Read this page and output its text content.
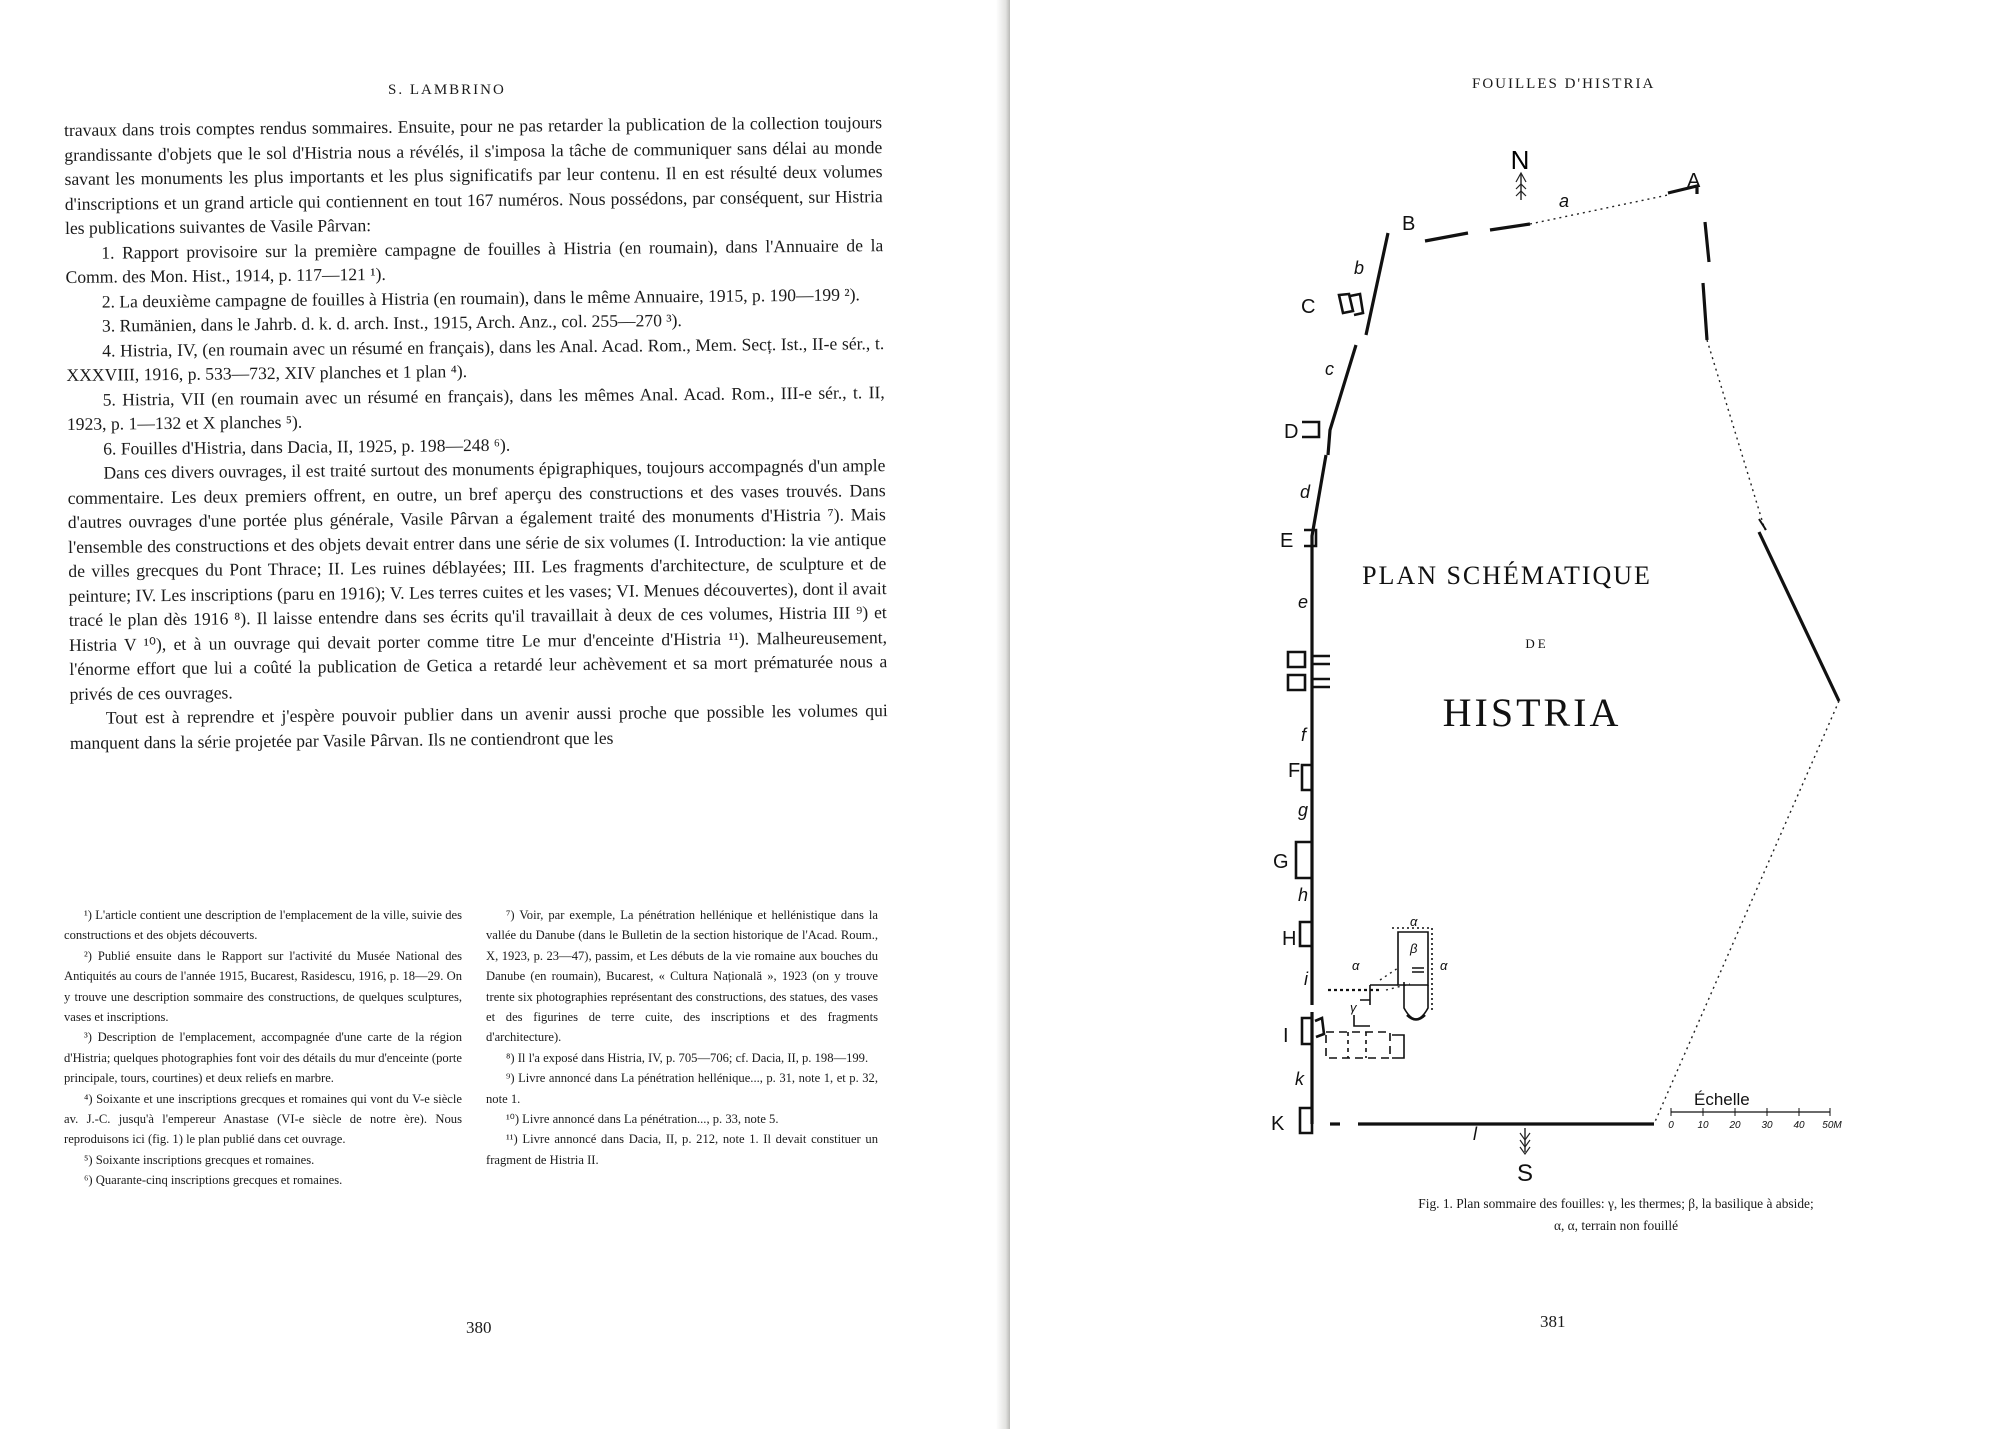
S. LAMBRINO

travaux dans trois comptes rendus sommaires. Ensuite, pour ne pas retarder la publication de la collection toujours grandissante d'objets que le sol d'Histria nous a révélés, il s'imposa la tâche de communiquer sans délai au monde savant les monuments les plus importants et les plus significatifs par leur contenu. Il en est résulté deux volumes d'inscriptions et un grand article qui contiennent en tout 167 numéros. Nous possédons, par conséquent, sur Histria les publications suivantes de Vasile Pârvan:

1. Rapport provisoire sur la première campagne de fouilles à Histria (en roumain), dans l'Annuaire de la Comm. des Mon. Hist., 1914, p. 117—121 ¹).

2. La deuxième campagne de fouilles à Histria (en roumain), dans le même Annuaire, 1915, p. 190—199 ²).

3. Rumänien, dans le Jahrb. d. k. d. arch. Inst., 1915, Arch. Anz., col. 255—270 ³).

4. Histria, IV, (en roumain avec un résumé en français), dans les Anal. Acad. Rom., Mem. Secț. Ist., II-e sér., t. XXXVIII, 1916, p. 533—732, XIV planches et 1 plan ⁴).

5. Histria, VII (en roumain avec un résumé en français), dans les mêmes Anal. Acad. Rom., III-e sér., t. II, 1923, p. 1—132 et X planches ⁵).

6. Fouilles d'Histria, dans Dacia, II, 1925, p. 198—248 ⁶).

Dans ces divers ouvrages, il est traité surtout des monuments épigraphiques, toujours accompagnés d'un ample commentaire. Les deux premiers offrent, en outre, un bref aperçu des constructions et des vases trouvés. Dans d'autres ouvrages d'une portée plus générale, Vasile Pârvan a également traité des monuments d'Histria ⁷). Mais l'ensemble des constructions et des objets devait entrer dans une série de six volumes (I. Introduction: la vie antique de villes grecques du Pont Thrace; II. Les ruines déblayées; III. Les fragments d'architecture, de sculpture et de peinture; IV. Les inscriptions (paru en 1916); V. Les terres cuites et les vases; VI. Menues découvertes), dont il avait tracé le plan dès 1916 ⁸). Il laisse entendre dans ses écrits qu'il travaillait à deux de ces volumes, Histria III ⁹) et Histria V ¹⁰), et à un ouvrage qui devait porter comme titre Le mur d'enceinte d'Histria ¹¹). Malheureusement, l'énorme effort que lui a coûté la publication de Getica a retardé leur achèvement et sa mort prématurée nous a privés de ces ouvrages.

Tout est à reprendre et j'espère pouvoir publier dans un avenir aussi proche que possible les volumes qui manquent dans la série projetée par Vasile Pârvan. Ils ne contiendront que les

¹) L'article contient une description de l'emplacement de la ville, suivie des constructions et des objets découverts.

²) Publié ensuite dans le Rapport sur l'activité du Musée National des Antiquités au cours de l'année 1915, Bucarest, Rasidescu, 1916, p. 18—29. On y trouve une description sommaire des constructions, de quelques sculptures, vases et inscriptions.

³) Description de l'emplacement, accompagnée d'une carte de la région d'Histria; quelques photographies font voir des détails du mur d'enceinte (porte principale, tours, courtines) et deux reliefs en marbre.

⁴) Soixante et une inscriptions grecques et romaines qui vont du V-e siècle av. J.-C. jusqu'à l'empereur Anastase (VI-e siècle de notre ère). Nous reproduisons ici (fig. 1) le plan publié dans cet ouvrage.

⁵) Soixante inscriptions grecques et romaines.

⁶) Quarante-cinq inscriptions grecques et romaines.

⁷) Voir, par exemple, La pénétration hellénique et hellénistique dans la vallée du Danube (dans le Bulletin de la section historique de l'Acad. Roum., X, 1923, p. 23—47), passim, et Les débuts de la vie romaine aux bouches du Danube (en roumain), Bucarest, « Cultura Națională », 1923 (on y trouve trente six photographies représentant des constructions, des statues, des vases et des figurines de terre cuite, des inscriptions et des fragments d'architecture).

⁸) Il l'a exposé dans Histria, IV, p. 705—706; cf. Dacia, II, p. 198—199.

⁹) Livre annoncé dans La pénétration hellénique..., p. 31, note 1, et p. 32, note 1.

¹⁰) Livre annoncé dans La pénétration..., p. 33, note 5.

¹¹) Livre annoncé dans Dacia, II, p. 212, note 1. Il devait constituer un fragment de Histria II.

380
FOUILLES D'HISTRIA
N
A
B
C
D
E
F
G
H
I
K
a
b
c
d
e
f
g
h
i
k
l
β
γ
α
α	α
PLAN SCHÉMATIQUE
DE
HISTRIA
Échelle
0 10 20 30 40 50M
S

Fig. 1. Plan sommaire des fouilles: γ, les thermes; β, la basilique à abside;

α, α, terrain non fouillé

381
